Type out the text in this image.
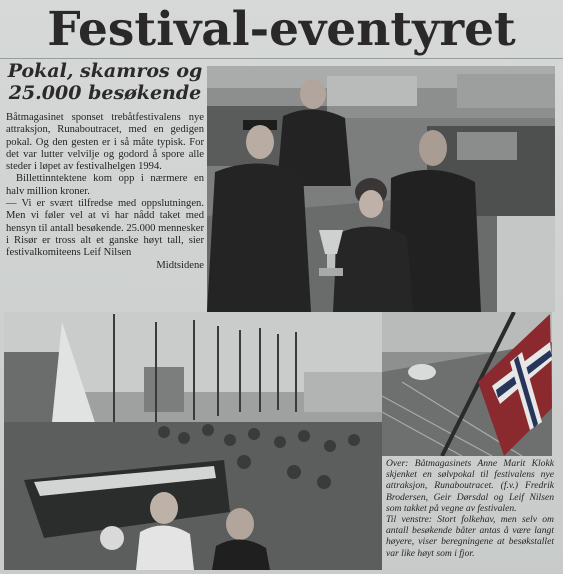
Festival-eventyret
Pokal, skamros og
25.000 besøkende

Båtmagasinet sponset trebåtfestivalens nye attraksjon, Runaboutracet, med en gedigen pokal. Og den gesten er i så måte typisk. For det var lutter velvilje og godord å spore alle steder i løpet av festivalhelgen 1994.

Billettinntektene kom opp i nærmere en halv million kroner.

— Vi er svært tilfredse med oppslutningen. Men vi føler vel at vi har nådd taket med hensyn til antall besøkende. 25.000 mennesker i Risør er tross alt et ganske høyt tall, sier festivalkomiteens Leif Nilsen

Midtsidene

Over: Båtmagasinets Anne Marit Klokk skjenket en sølvpokal til festivalens nye attraksjon, Runaboutracet. (f.v.) Fredrik Brodersen, Geir Dørsdal og Leif Nilsen som takket på vegne av festivalen.

Til venstre: Stort folkehav, men selv om antall besøkende båter antas å være langt høyere, viser beregningene at besøkstallet var like høyt som i fjor.
